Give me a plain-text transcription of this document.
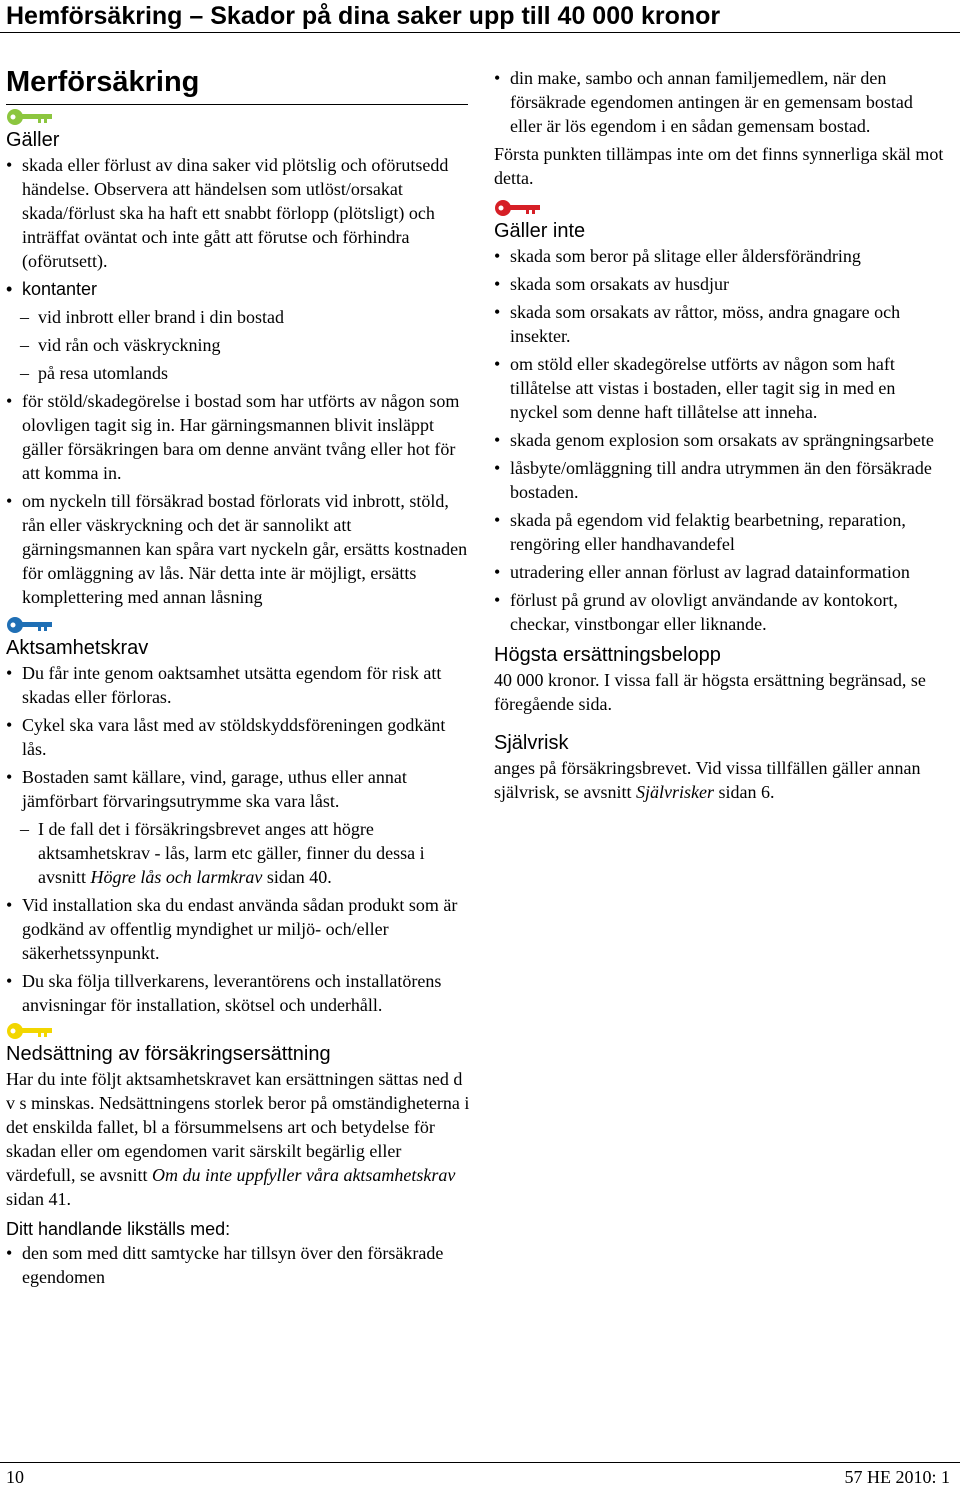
Hemförsäkring – Skador på dina saker upp till 40 000 kronor
Merförsäkring
Gäller
• skada eller förlust av dina saker vid plötslig och oförutsedd händelse. Observera att händelsen som utlöst/orsakat skada/förlust ska ha haft ett snabbt förlopp (plötsligt) och inträffat oväntat och inte gått att förutse och förhindra (oförutsett).
• kontanter
– vid inbrott eller brand i din bostad
– vid rån och väskryckning
– på resa utomlands
• för stöld/skadegörelse i bostad som har utförts av någon som olovligen tagit sig in. Har gärningsmannen blivit insläppt gäller försäkringen bara om denne använt tvång eller hot för att komma in.
• om nyckeln till försäkrad bostad förlorats vid inbrott, stöld, rån eller väskryckning och det är sannolikt att gärningsmannen kan spåra vart nyckeln går, ersätts kostnaden för omläggning av lås. När detta inte är möjligt, ersätts komplettering med annan låsning
Aktsamhetskrav
• Du får inte genom oaktsamhet utsätta egendom för risk att skadas eller förloras.
• Cykel ska vara låst med av stöldskyddsföreningen godkänt lås.
• Bostaden samt källare, vind, garage, uthus eller annat jämförbart förvaringsutrymme ska vara låst.
– I de fall det i försäkringsbrevet anges att högre aktsamhetskrav - lås, larm etc gäller, finner du dessa i avsnitt Högre lås och larmkrav sidan 40.
• Vid installation ska du endast använda sådan produkt som är godkänd av offentlig myndighet ur miljö- och/eller säkerhetssynpunkt.
• Du ska följa tillverkarens, leverantörens och installatörens anvisningar för installation, skötsel och underhåll.
Nedsättning av försäkringsersättning

Har du inte följt aktsamhetskravet kan ersättningen sättas ned d v s minskas. Nedsättningens storlek beror på omständigheterna i det enskilda fallet, bl a försummelsens art och betydelse för skadan eller om egendomen varit särskilt begärlig eller värdefull, se avsnitt Om du inte uppfyller våra aktsamhetskrav sidan 41.

Ditt handlande likställs med:

• den som med ditt samtycke har tillsyn över den försäkrade egendomen
• din make, sambo och annan familjemedlem, när den försäkrade egendomen antingen är en gemensam bostad eller är lös egendom i en sådan gemensam bostad.

Första punkten tillämpas inte om det finns synnerliga skäl mot detta.

Gäller inte
• skada som beror på slitage eller åldersförändring
• skada som orsakats av husdjur
• skada som orsakats av råttor, möss, andra gnagare och insekter.
• om stöld eller skadegörelse utförts av någon som haft tillåtelse att vistas i bostaden, eller tagit sig in med en nyckel som denne haft tillåtelse att inneha.
• skada genom explosion som orsakats av sprängningsarbete
• låsbyte/omläggning till andra utrymmen än den försäkrade bostaden.
• skada på egendom vid felaktig bearbetning, reparation, rengöring eller handhavandefel
• utradering eller annan förlust av lagrad datainformation
• förlust på grund av olovligt användande av kontokort, checkar, vinstbongar eller liknande.
Högsta ersättningsbelopp

40 000 kronor. I vissa fall är högsta ersättning begränsad, se föregående sida.

Självrisk

anges på försäkringsbrevet. Vid vissa tillfällen gäller annan självrisk, se avsnitt Självrisker sidan 6.

10	57 HE 2010: 1
